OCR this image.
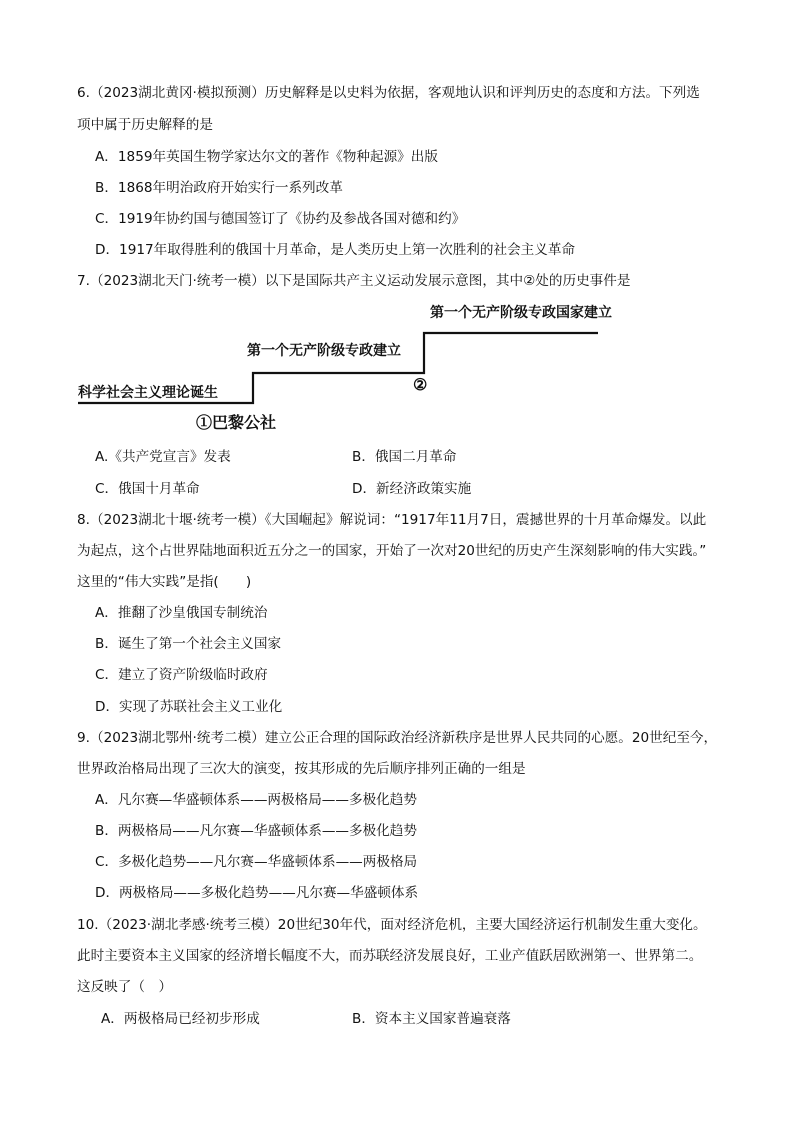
6.（2023湖北黄冈·模拟预测）历史解释是以史料为依据，客观地认识和评判历史的态度和方法。下列选
项中属于历史解释的是
A．1859年英国生物学家达尔文的著作《物种起源》出版
B．1868年明治政府开始实行一系列改革
C．1919年协约国与德国签订了《协约及参战各国对德和约》
D．1917年取得胜利的俄国十月革命，是人类历史上第一次胜利的社会主义革命
7.（2023湖北天门·统考一模）以下是国际共产主义运动发展示意图，其中②处的历史事件是
第一个无产阶级专政国家建立
第一个无产阶级专政建立
科学社会主义理论诞生	②
①巴黎公社
A.《共产党宣言》发表	B．俄国二月革命
C．俄国十月革命	D．新经济政策实施
8.（2023湖北十堰·统考一模）《大国崛起》解说词：“1917年11月7日，震撼世界的十月革命爆发。以此
为起点，这个占世界陆地面积近五分之一的国家，开始了一次对20世纪的历史产生深刻影响的伟大实践。”
这里的“伟大实践”是指(　　)
A．推翻了沙皇俄国专制统治
B．诞生了第一个社会主义国家
C．建立了资产阶级临时政府
D．实现了苏联社会主义工业化
9.（2023湖北鄂州·统考二模）建立公正合理的国际政治经济新秩序是世界人民共同的心愿。20世纪至今，
世界政治格局出现了三次大的演变，按其形成的先后顺序排列正确的一组是
A．凡尔赛—华盛顿体系——两极格局——多极化趋势
B．两极格局——凡尔赛—华盛顿体系——多极化趋势
C．多极化趋势——凡尔赛—华盛顿体系——两极格局
D．两极格局——多极化趋势——凡尔赛—华盛顿体系
10.（2023·湖北孝感·统考三模）20世纪30年代，面对经济危机，主要大国经济运行机制发生重大变化。
此时主要资本主义国家的经济增长幅度不大，而苏联经济发展良好，工业产值跃居欧洲第一、世界第二。
这反映了（　）
A．两极格局已经初步形成	B．资本主义国家普遍衰落
